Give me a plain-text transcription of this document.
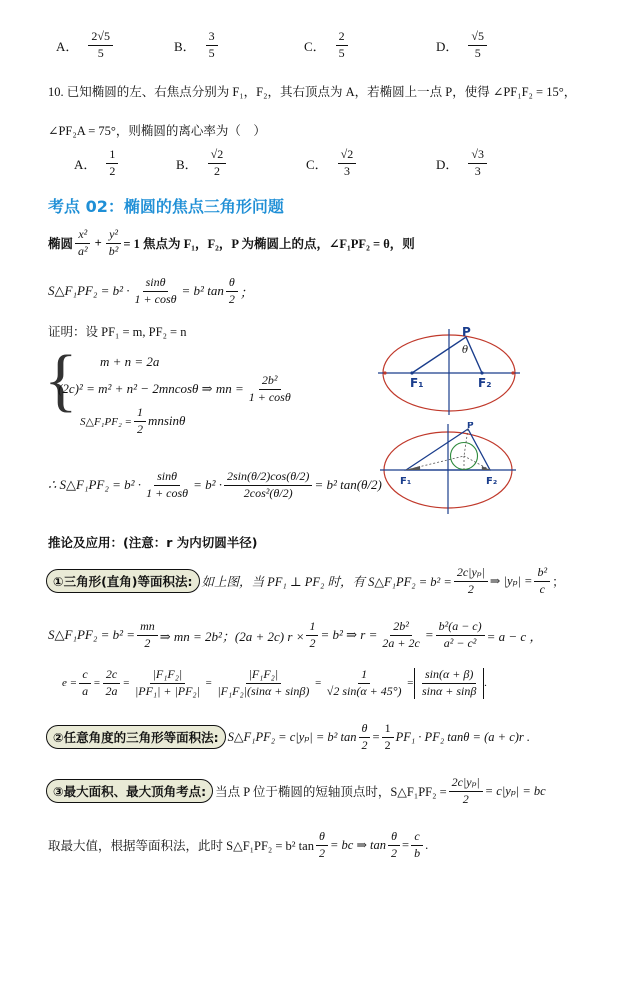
A． $\frac{2√5}{5}$	B． $\frac{3}{5}$	C． $\frac{2}{5}$	D． $\frac{√5}{5}$
10. 已知椭圆的左、右焦点分别为 F₁，F₂，其右顶点为 A，若椭圆上一点 P，使得 ∠PF₁F₂ = 15°，
∠PF₂A = 75°，则椭圆的离心率为（　）
A． $\frac{1}{2}$	B． $\frac{√2}{2}$	C． $\frac{√2}{3}$	D． $\frac{√3}{3}$
考点 02：椭圆的焦点三角形问题
椭圆 $\frac{\text{x²}}{\text{a²}} + \frac{\text{y²}}{\text{b²}} = 1$ 焦点为 F₁，F₂，P 为椭圆上的点，∠F₁PF₂ = θ，则
S△F₁PF₂ = $b^2 \cdot \frac{\sin\theta}{1 + \cos\theta} = b^2$ $\tan \frac{\theta}{2}$ ；
证明：设 PF₁ = m, PF₂ = n
{ m + n = 2a
(2c)² = m² + n² − 2mncosθ ⇒ mn = $\frac{\text{2b²}}{1 + \cos\theta}$
S△F₁PF₂ = $\frac{1}{2}$ mnsinθ
∴ S△F₁PF₂ = $b^2 \cdot \frac{\sin\theta}{1 + \cos\theta} = b^2 \cdot \frac{2\sin(\theta/2)\cos(\theta/2)}{\text{2cos²(θ/2)}} = b^2$ tan(θ/2)
P
θ
F₁	F₂
P
F₁	F₂
推论及应用：(注意：r 为内切圆半径)
①三角形(直角)等面积法: 如上图，当 PF₁ ⊥ PF₂ 时，有 S△F₁PF₂ = $b^2 = \frac{\text{2c|yₚ|}}{2}$ ⇒ $|y_p| = \frac{\text{b²}}{c}$ ；
S△F₁PF₂ = $b^2 = \frac{mn}{2}$ ⇒ mn = 2b²；(2a + 2c) $r \times \frac{1}{2} = b^2$ ⇒ $r = \frac{\text{2b²}}{2a + 2c} = \frac{\text{b²(a − c)}}{\text{a² − c²}} = a - c$ ，
$e = \frac{c}{a} = \frac{2c}{2a} = \frac{\text{|F₁F₂|}}{\text{|PF₁| + |PF₂|}} = \frac{\text{|F₁F₂|}}{\text{|F₁F₂|(sinα + sinβ)}} = \frac{1}{√2 \sin(\alpha + 45^\circ)} = \frac{\sin(\alpha + \beta)}{\sin\alpha + \sin\beta}$ .
②任意角度的三角形等面积法: S△F₁PF₂ = c|yₚ| = b² $\tan \frac{\theta}{2} = \frac{1}{2} PF_1 \cdot PF_2$ tanθ = (a + c)r .
③最大面积、最大顶角考点: 当点 P 位于椭圆的短轴顶点时，S△F₁PF₂ = $\frac{\text{2c|yₚ|}}{2} = c|y_p|$ = bc
取最大值，根据等面积法，此时 S△F₁PF₂ = b² $\tan \frac{\theta}{2}$ = bc ⇒ $\tan \frac{\theta}{2} = \frac{c}{b}$ .
